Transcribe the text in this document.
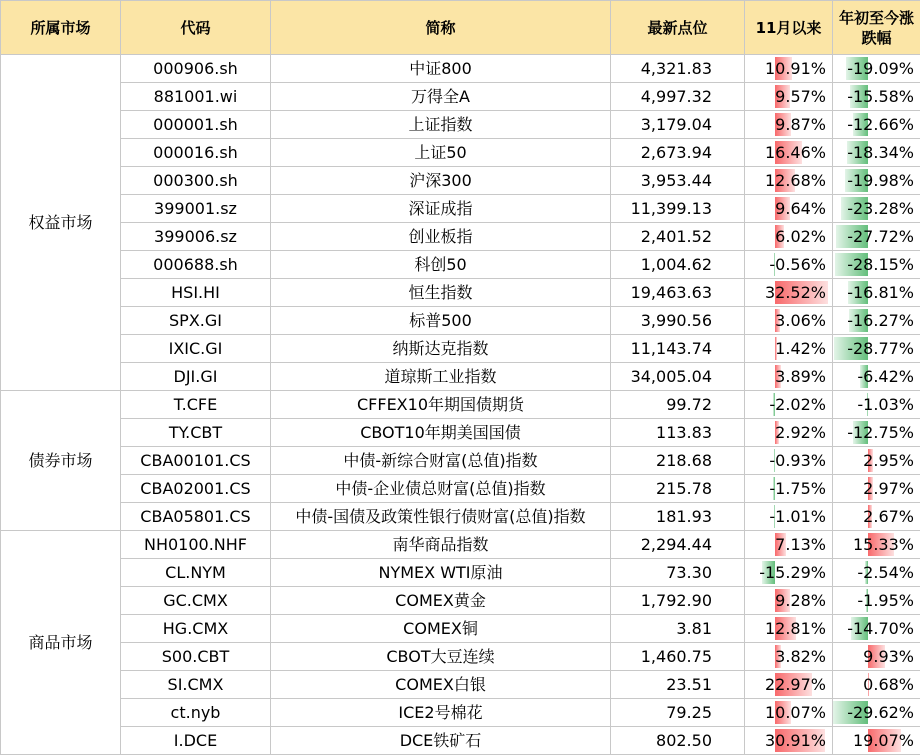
所属市场	代码	简称	最新点位	11月以来	年初至今涨跌幅
权益市场	000906.sh	中证800	4,321.83	10.91%	-19.09%
	881001.wi	万得全A	4,997.32	9.57%	-15.58%
	000001.sh	上证指数	3,179.04	9.87%	-12.66%
	000016.sh	上证50	2,673.94	16.46%	-18.34%
	000300.sh	沪深300	3,953.44	12.68%	-19.98%
	399001.sz	深证成指	11,399.13	9.64%	-23.28%
	399006.sz	创业板指	2,401.52	6.02%	-27.72%
	000688.sh	科创50	1,004.62	-0.56%	-28.15%
	HSI.HI	恒生指数	19,463.63	32.52%	-16.81%
	SPX.GI	标普500	3,990.56	3.06%	-16.27%
	IXIC.GI	纳斯达克指数	11,143.74	1.42%	-28.77%
	DJI.GI	道琼斯工业指数	34,005.04	3.89%	-6.42%
债券市场	T.CFE	CFFEX10年期国债期货	99.72	-2.02%	-1.03%
	TY.CBT	CBOT10年期美国国债	113.83	2.92%	-12.75%
	CBA00101.CS	中债-新综合财富(总值)指数	218.68	-0.93%	2.95%
	CBA02001.CS	中债-企业债总财富(总值)指数	215.78	-1.75%	2.97%
	CBA05801.CS	中债-国债及政策性银行债财富(总值)指数	181.93	-1.01%	2.67%
商品市场	NH0100.NHF	南华商品指数	2,294.44	7.13%	15.33%
	CL.NYM	NYMEX WTI原油	73.30	-15.29%	-2.54%
	GC.CMX	COMEX黄金	1,792.90	9.28%	-1.95%
	HG.CMX	COMEX铜	3.81	12.81%	-14.70%
	S00.CBT	CBOT大豆连续	1,460.75	3.82%	9.93%
	SI.CMX	COMEX白银	23.51	22.97%	0.68%
	ct.nyb	ICE2号棉花	79.25	10.07%	-29.62%
	I.DCE	DCE铁矿石	802.50	30.91%	19.07%
